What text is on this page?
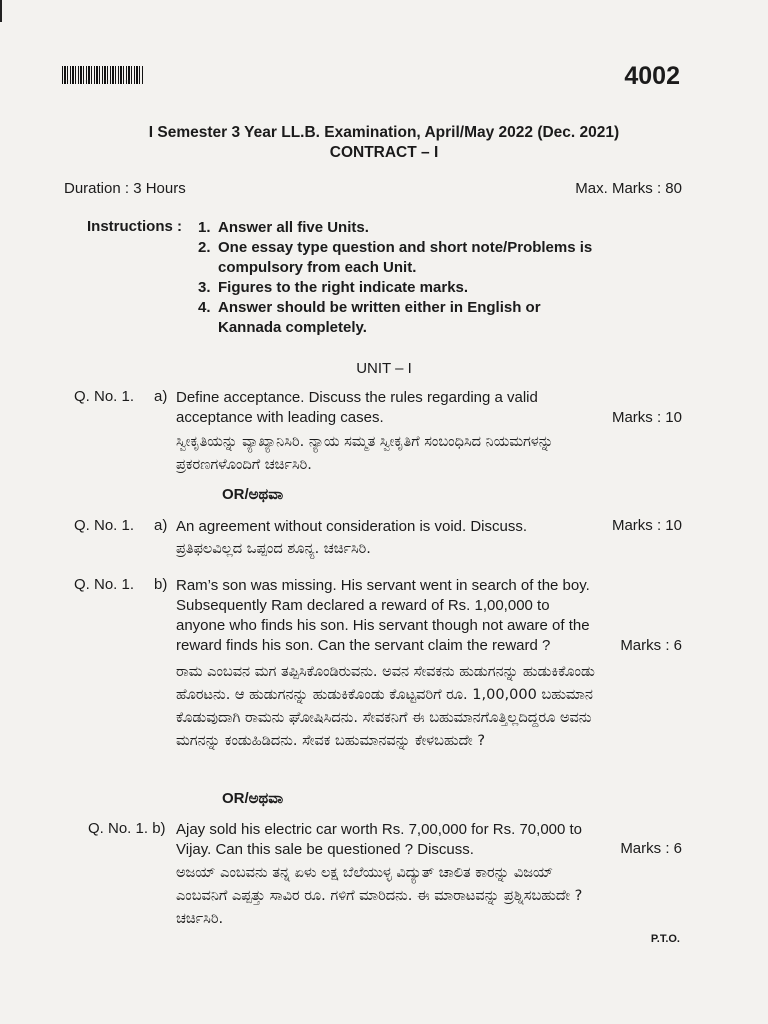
4002
I Semester 3 Year LL.B. Examination, April/May 2022 (Dec. 2021)
CONTRACT – I
Duration : 3 Hours	Max. Marks : 80
Instructions : 1. Answer all five Units.
2. One essay type question and short note/Problems is compulsory from each Unit.
3. Figures to the right indicate marks.
4. Answer should be written either in English or Kannada completely.
UNIT – I
Q. No. 1. a) Define acceptance. Discuss the rules regarding a valid acceptance with leading cases.	Marks : 10
ಸ್ವೀಕೃತಿಯನ್ನು ವ್ಯಾಖ್ಯಾನಿಸಿರಿ. ನ್ಯಾಯ ಸಮ್ಮತ ಸ್ವೀಕೃತಿಗೆ ಸಂಬಂಧಿಸಿದ ನಿಯಮಗಳನ್ನು ಪ್ರಕರಣಗಳೊಂದಿಗೆ ಚರ್ಚಿಸಿರಿ.
OR/ಅಥವಾ
Q. No. 1. a) An agreement without consideration is void. Discuss.	Marks : 10
ಪ್ರತಿಫಲವಿಲ್ಲದ ಒಪ್ಪಂದ ಶೂನ್ಯ. ಚರ್ಚಿಸಿರಿ.
Q. No. 1. b) Ram’s son was missing. His servant went in search of the boy. Subsequently Ram declared a reward of Rs. 1,00,000 to anyone who finds his son. His servant though not aware of the reward finds his son. Can the servant claim the reward ?	Marks : 6
ರಾಮ ಎಂಬವನ ಮಗ ತಪ್ಪಿಸಿಕೊಂಡಿರುವನು. ಅವನ ಸೇವಕನು ಹುಡುಗನನ್ನು ಹುಡುಕಿಕೊಂಡು ಹೊರಟನು. ಆ ಹುಡುಗನನ್ನು ಹುಡುಕಿಕೊಂಡು ಕೊಟ್ಟವರಿಗೆ ರೂ. 1,00,000 ಬಹುಮಾನ ಕೊಡುವುದಾಗಿ ರಾಮನು ಘೋಷಿಸಿದನು. ಸೇವಕನಿಗೆ ಈ ಬಹುಮಾನಗೊತ್ತಿಲ್ಲದಿದ್ದರೂ ಅವನು ಮಗನನ್ನು ಕಂಡುಹಿಡಿದನು. ಸೇವಕ ಬಹುಮಾನವನ್ನು ಕೇಳಬಹುದೇ ?
OR/ಅಥವಾ
Q. No. 1. b) Ajay sold his electric car worth Rs. 7,00,000 for Rs. 70,000 to Vijay. Can this sale be questioned ? Discuss.	Marks : 6
ಅಜಯ್ ಎಂಬವನು ತನ್ನ ಏಳು ಲಕ್ಷ ಬೆಲೆಯುಳ್ಳ ವಿದ್ಯುತ್ ಚಾಲಿತ ಕಾರನ್ನು ವಿಜಯ್ ಎಂಬವನಿಗೆ ಎಪ್ಪತ್ತು ಸಾವಿರ ರೂ. ಗಳಿಗೆ ಮಾರಿದನು. ಈ ಮಾರಾಟವನ್ನು ಪ್ರಶ್ನಿಸಬಹುದೇ ? ಚರ್ಚಿಸಿರಿ.
P.T.O.
